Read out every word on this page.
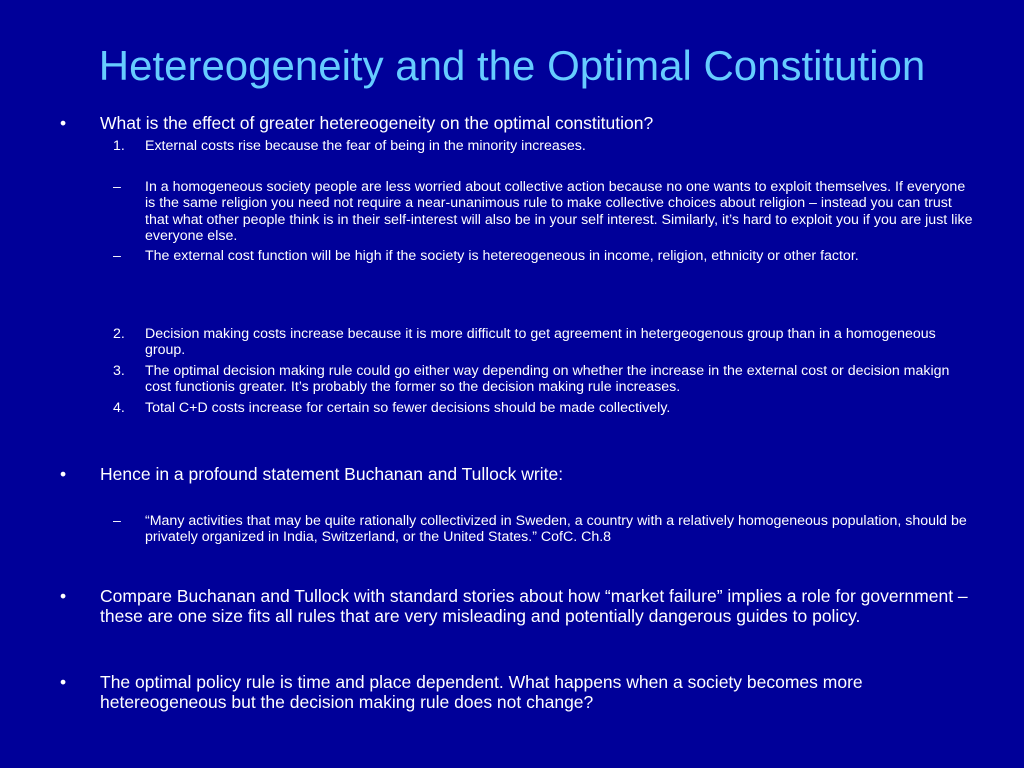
Hetereogeneity and the Optimal Constitution
• What is the effect of greater hetereogeneity on the optimal constitution?
1. External costs rise because the fear of being in the minority increases.
– In a homogeneous society people are less worried about collective action because no one wants to exploit themselves. If everyone is the same religion you need not require a near-unanimous rule to make collective choices about religion – instead you can trust that what other people think is in their self-interest will also be in your self interest. Similarly, it’s hard to exploit you if you are just like everyone else.
– The external cost function will be high if the society is hetereogeneous in income, religion, ethnicity or other factor.
2. Decision making costs increase because it is more difficult to get agreement in hetergeogenous group than in a homogeneous group.
3. The optimal decision making rule could go either way depending on whether the increase in the external cost or decision makign cost functionis greater. It’s probably the former so the decision making rule increases.
4. Total C+D costs increase for certain so fewer decisions should be made collectively.
• Hence in a profound statement Buchanan and Tullock write:
– “Many activities that may be quite rationally collectivized in Sweden, a country with a relatively homogeneous population, should be privately organized in India, Switzerland, or the United States.” CofC. Ch.8
• Compare Buchanan and Tullock with standard stories about how “market failure” implies a role for government – these are one size fits all rules that are very misleading and potentially dangerous guides to policy.
• The optimal policy rule is time and place dependent. What happens when a society becomes more hetereogeneous but the decision making rule does not change?
